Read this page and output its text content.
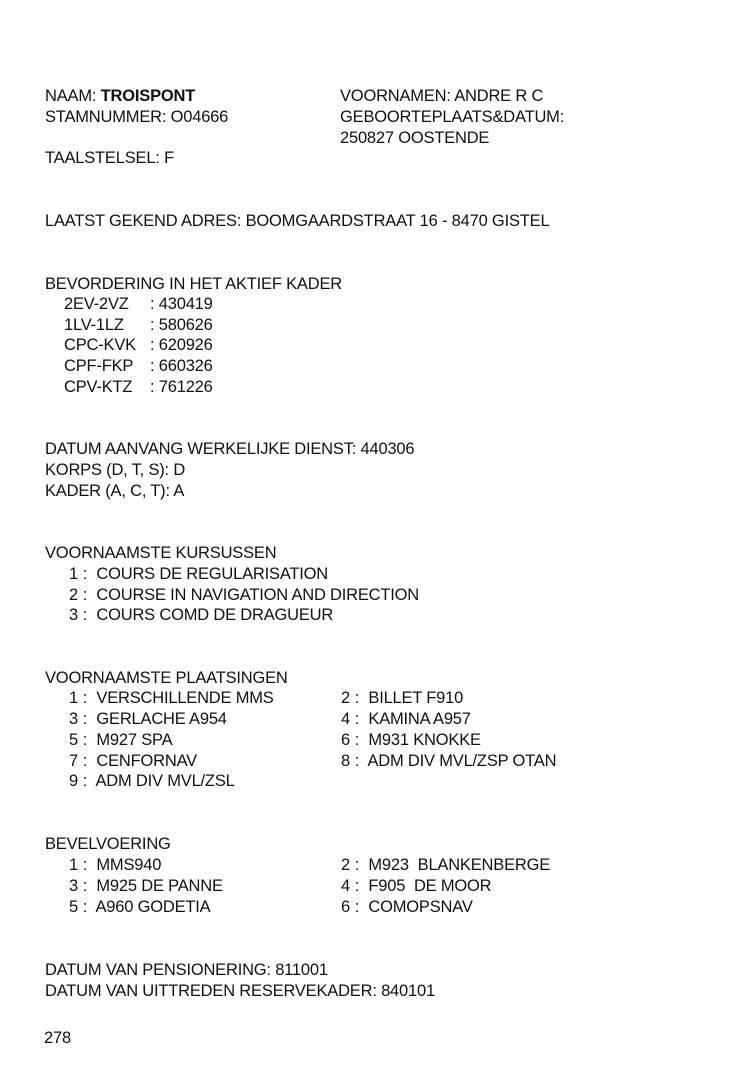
NAAM: TROISPONT	VOORNAMEN: ANDRE R C
STAMNUMMER: O04666	GEBOORTEPLAATS&DATUM:
250827 OOSTENDE
TAALSTELSEL: F
LAATST GEKEND ADRES: BOOMGAARDSTRAAT 16 - 8470 GISTEL
BEVORDERING IN HET AKTIEF KADER
2EV-2VZ : 430419
1LV-1LZ : 580626
CPC-KVK : 620926
CPF-FKP : 660326
CPV-KTZ : 761226
DATUM AANVANG WERKELIJKE DIENST: 440306
KORPS (D, T, S): D
KADER (A, C, T): A
VOORNAAMSTE KURSUSSEN
1: COURS DE REGULARISATION
2: COURSE IN NAVIGATION AND DIRECTION
3: COURS COMD DE DRAGUEUR
VOORNAAMSTE PLAATSINGEN
1: VERSCHILLENDE MMS
3: GERLACHE A954
5: M927 SPA
7: CENFORNAV
9: ADM DIV MVL/ZSL
2: BILLET F910
4: KAMINA A957
6: M931 KNOKKE
8: ADM DIV MVL/ZSP OTAN
BEVELVOERING
1: MMS940
3: M925 DE PANNE
5: A960 GODETIA
2: M923  BLANKENBERGE
4: F905  DE MOOR
6: COMOPSNAV
DATUM VAN PENSIONERING: 811001
DATUM VAN UITTREDEN RESERVEKADER: 840101
278
